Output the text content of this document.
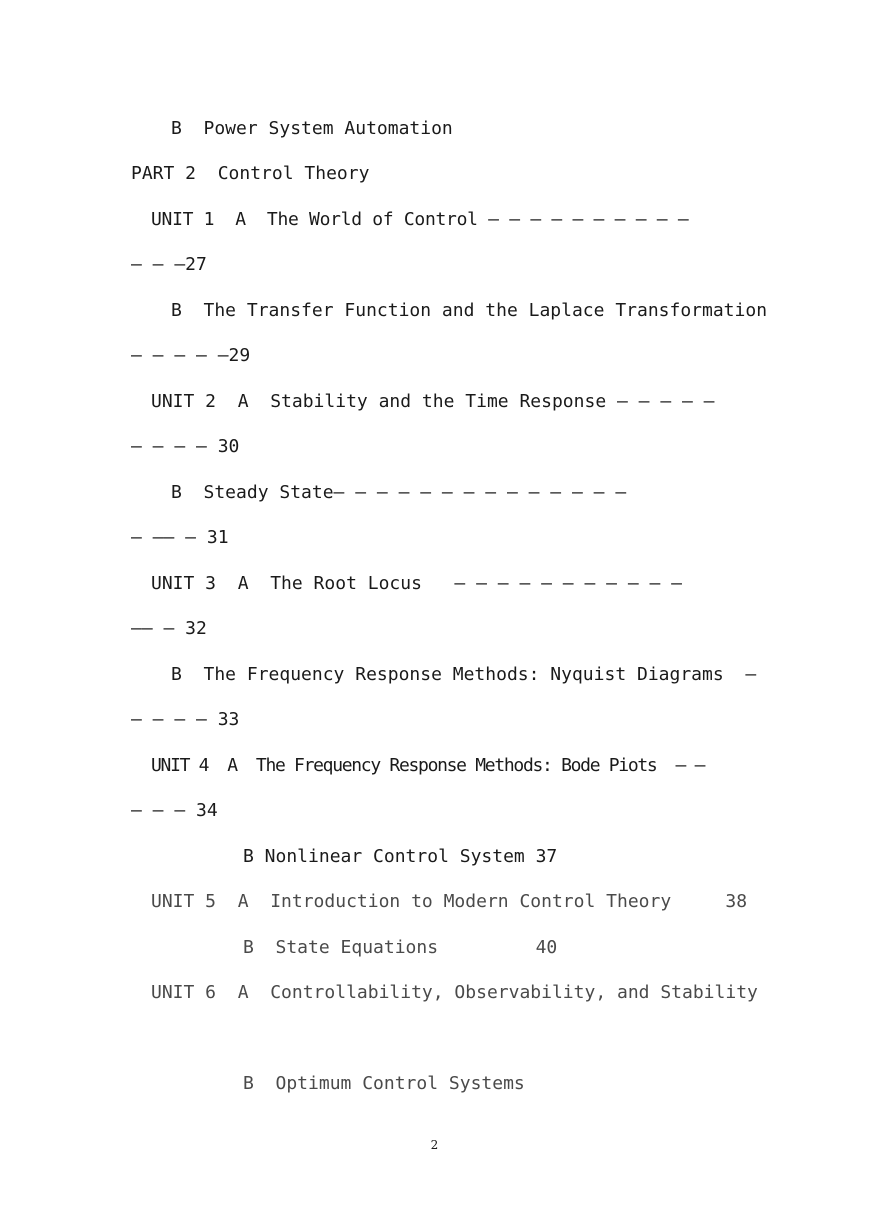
B  Power System Automation
PART 2  Control Theory
UNIT 1  A  The World of Control — — — — — — — — — —
— — —27
B  The Transfer Function and the Laplace Transformation
— — — — —29
UNIT 2  A  Stability and the Time Response — — — — —
— — — — 30
B  Steady State— — — — — — — — — — — — — —
— —— — 31
UNIT 3  A  The Root Locus   — — — — — — — — — — —
—— — 32
B  The Frequency Response Methods: Nyquist Diagrams  —
— — — — 33
UNIT 4  A  The Frequency Response Methods: Bode Piots  — —
— — — 34
B Nonlinear Control System 37
UNIT 5  A  Introduction to Modern Control Theory     38
B  State Equations         40
UNIT 6  A  Controllability, Observability, and Stability
B  Optimum Control Systems
2
